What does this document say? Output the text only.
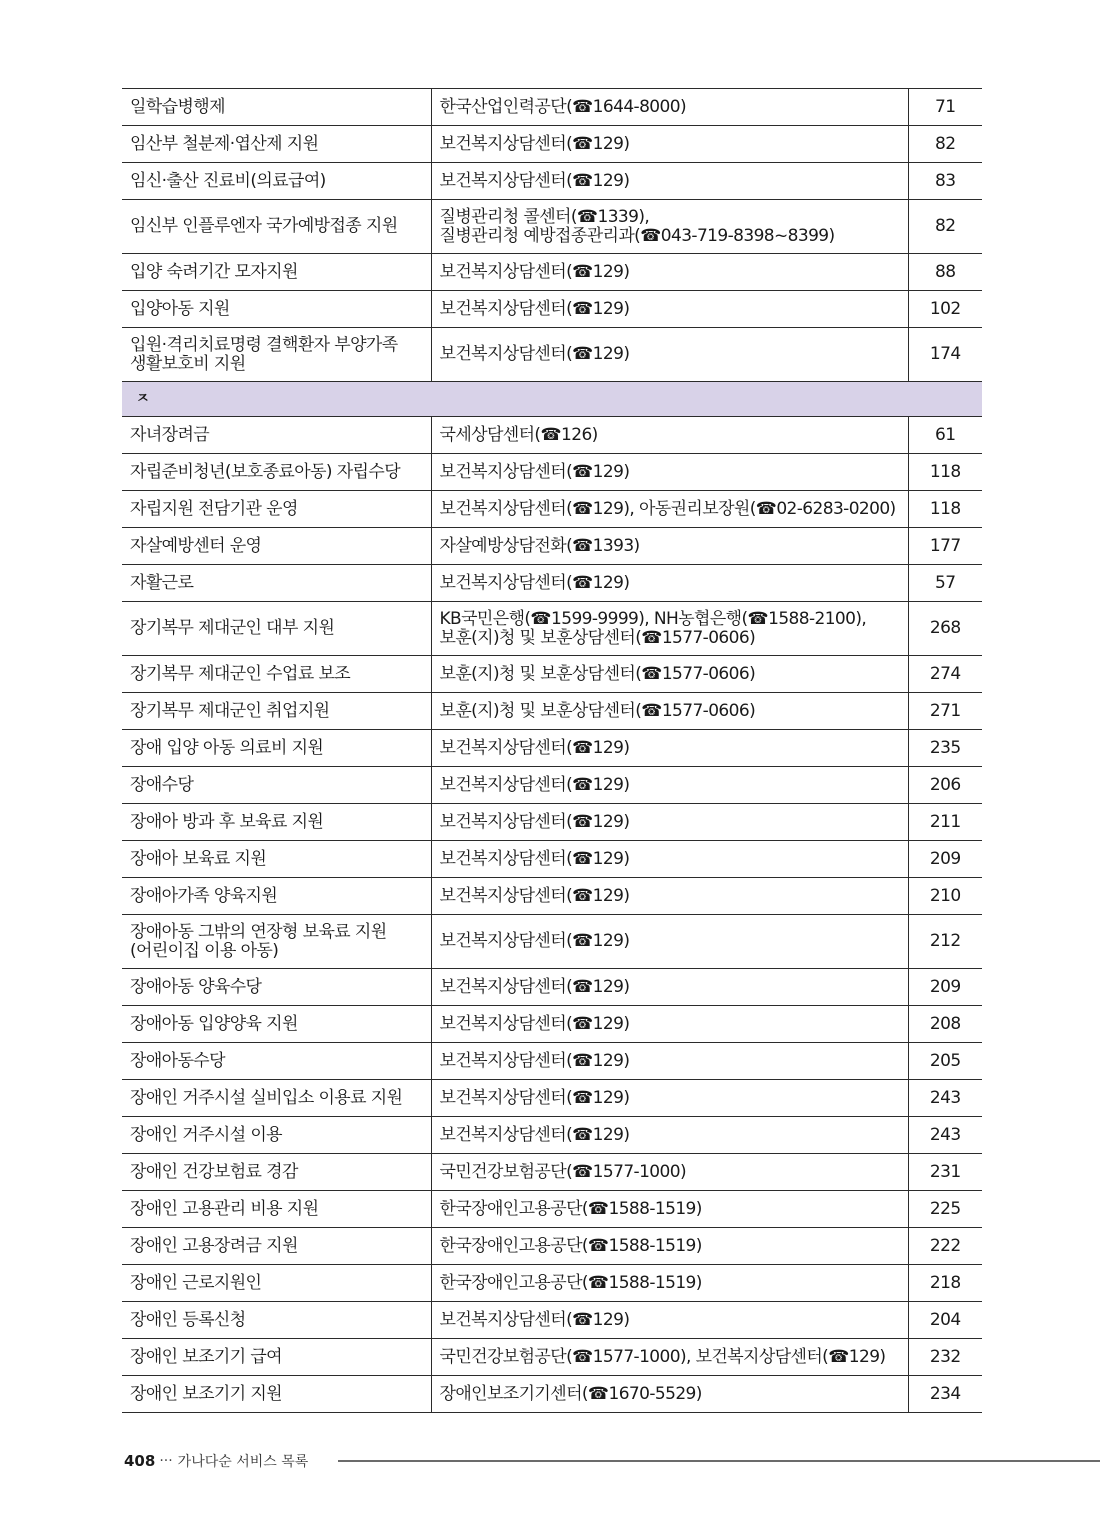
일학습병행제	한국산업인력공단(☎1644-8000)	71

임산부 철분제·엽산제 지원	보건복지상담센터(☎129)	82

임신·출산 진료비(의료급여)	보건복지상담센터(☎129)	83

임신부 인플루엔자 국가예방접종 지원	질병관리청 콜센터(☎1339),
질병관리청 예방접종관리과(☎043-719-8398~8399)	82

입양 숙려기간 모자지원	보건복지상담센터(☎129)	88

입양아동 지원	보건복지상담센터(☎129)	102

입원·격리치료명령 결핵환자 부양가족
생활보호비 지원	보건복지상담센터(☎129)	174
ㅈ		

자녀장려금	국세상담센터(☎126)	61

자립준비청년(보호종료아동) 자립수당	보건복지상담센터(☎129)	118

자립지원 전담기관 운영	보건복지상담센터(☎129), 아동권리보장원(☎02-6283-0200)	118

자살예방센터 운영	자살예방상담전화(☎1393)	177

자활근로	보건복지상담센터(☎129)	57

장기복무 제대군인 대부 지원	KB국민은행(☎1599-9999), NH농협은행(☎1588-2100),
보훈(지)청 및 보훈상담센터(☎1577-0606)	268

장기복무 제대군인 수업료 보조	보훈(지)청 및 보훈상담센터(☎1577-0606)	274

장기복무 제대군인 취업지원	보훈(지)청 및 보훈상담센터(☎1577-0606)	271

장애 입양 아동 의료비 지원	보건복지상담센터(☎129)	235

장애수당	보건복지상담센터(☎129)	206

장애아 방과 후 보육료 지원	보건복지상담센터(☎129)	211

장애아 보육료 지원	보건복지상담센터(☎129)	209

장애아가족 양육지원	보건복지상담센터(☎129)	210

장애아동 그밖의 연장형 보육료 지원
(어린이집 이용 아동)	보건복지상담센터(☎129)	212

장애아동 양육수당	보건복지상담센터(☎129)	209

장애아동 입양양육 지원	보건복지상담센터(☎129)	208

장애아동수당	보건복지상담센터(☎129)	205

장애인 거주시설 실비입소 이용료 지원	보건복지상담센터(☎129)	243

장애인 거주시설 이용	보건복지상담센터(☎129)	243

장애인 건강보험료 경감	국민건강보험공단(☎1577-1000)	231

장애인 고용관리 비용 지원	한국장애인고용공단(☎1588-1519)	225

장애인 고용장려금 지원	한국장애인고용공단(☎1588-1519)	222

장애인 근로지원인	한국장애인고용공단(☎1588-1519)	218

장애인 등록신청	보건복지상담센터(☎129)	204

장애인 보조기기 급여	국민건강보험공단(☎1577-1000), 보건복지상담센터(☎129)	232

장애인 보조기기 지원	장애인보조기기센터(☎1670-5529)	234
408 ··· 가나다순 서비스 목록
